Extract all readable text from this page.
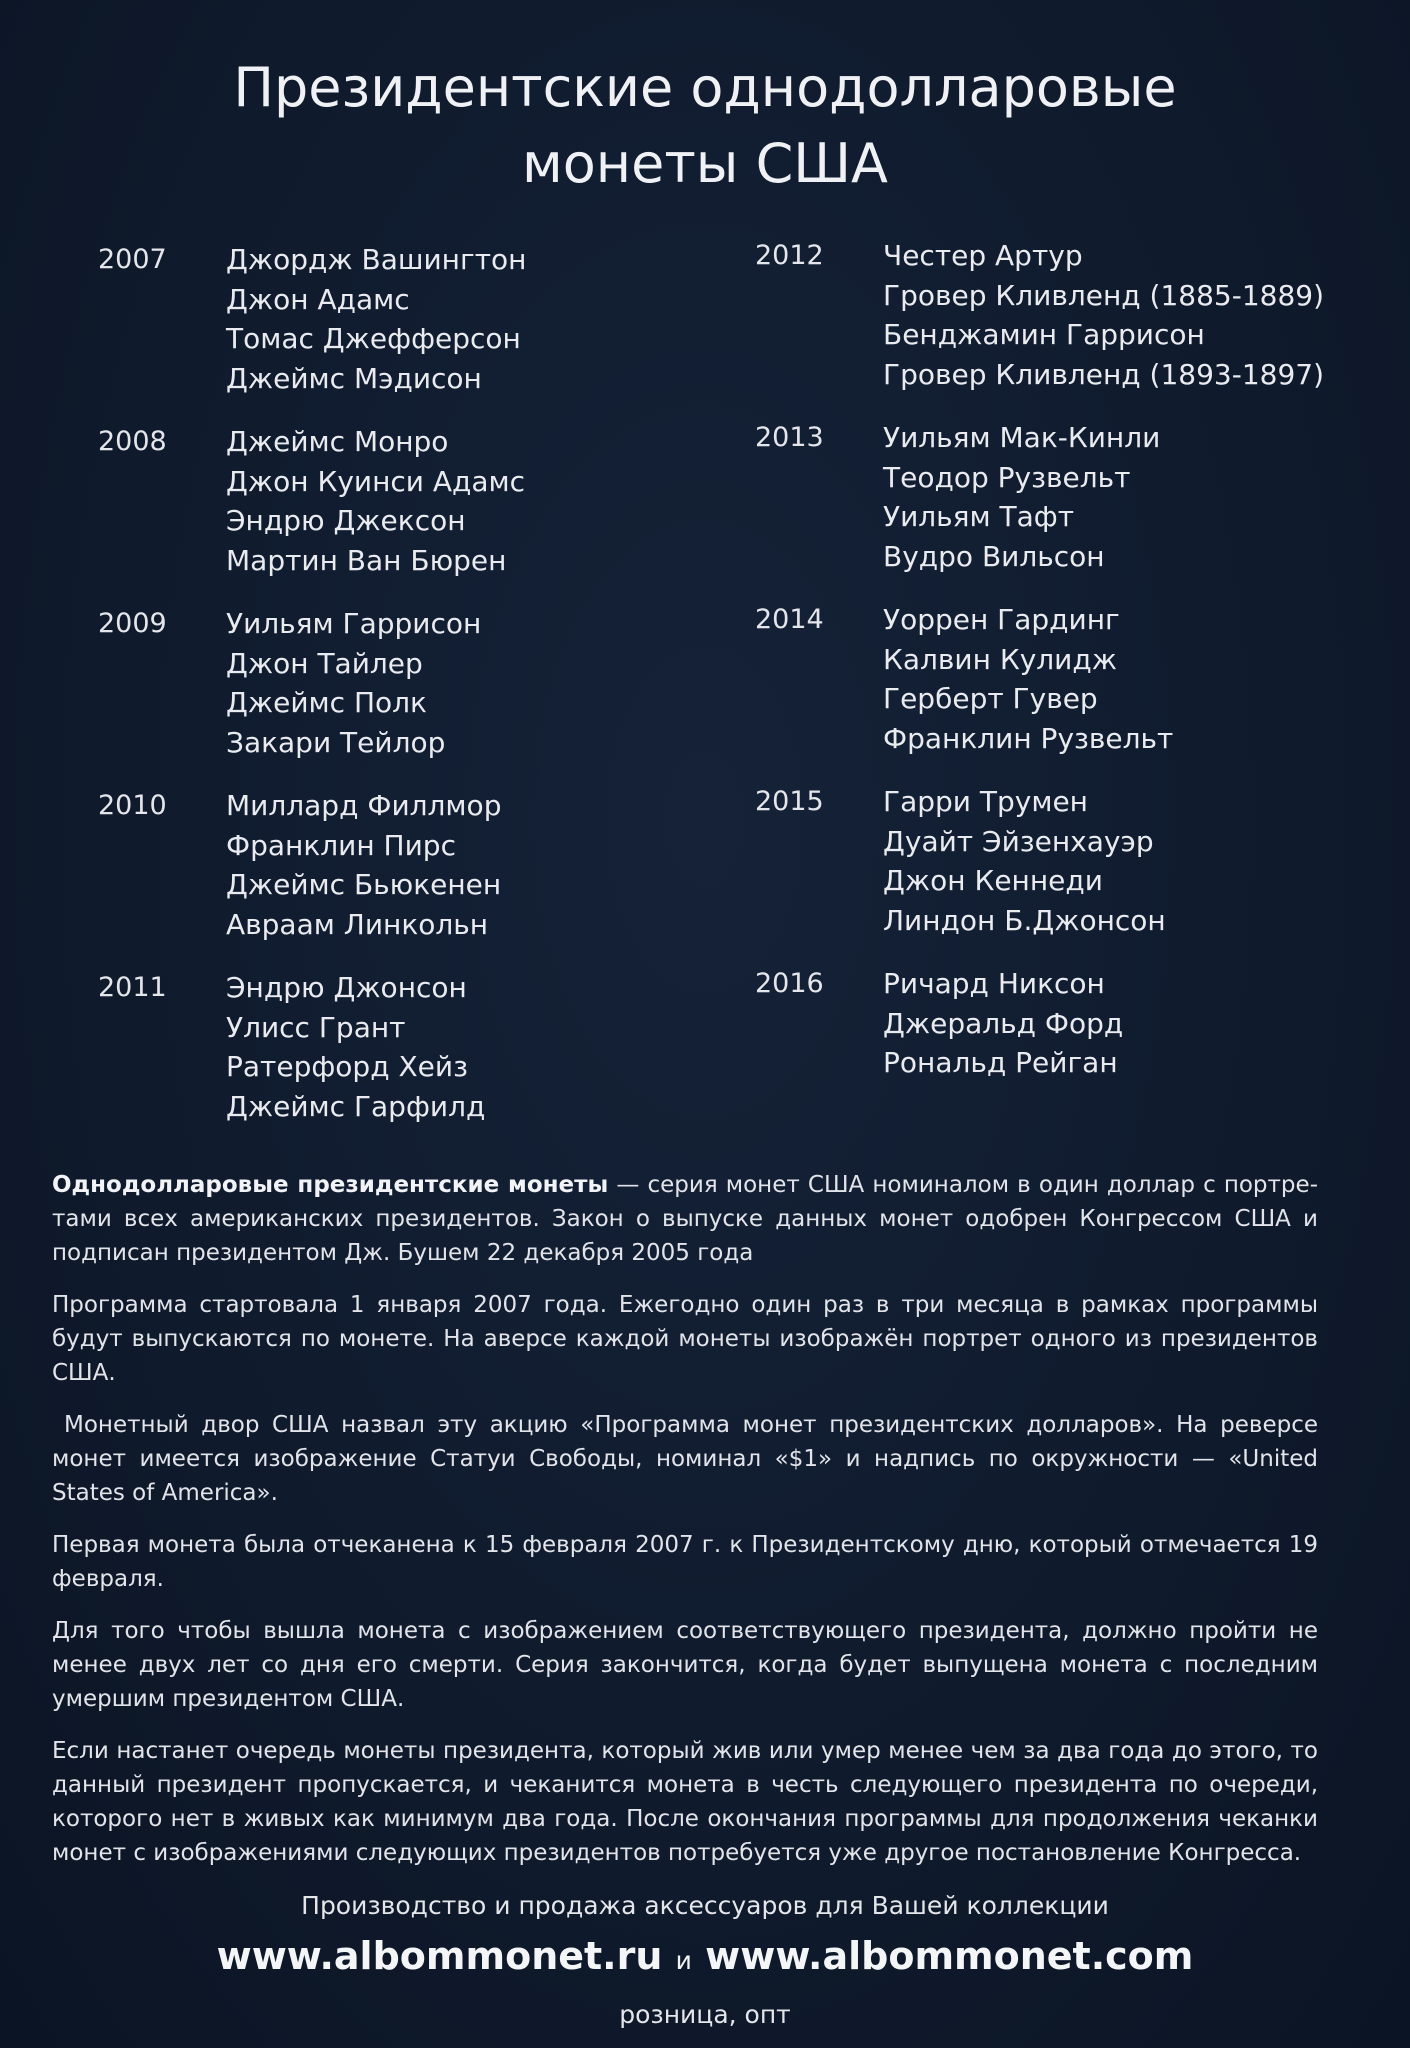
Президентские однодолларовые
монеты США
2007	Джордж Вашингтон
Джон Адамс
Томас Джефферсон
Джеймс Мэдисон
2008	Джеймс Монро
Джон Куинси Адамс
Эндрю Джексон
Мартин Ван Бюрен
2009	Уильям Гаррисон
Джон Тайлер
Джеймс Полк
Закари Тейлор
2010	Миллард Филлмор
Франклин Пирс
Джеймс Бьюкенен
Авраам Линкольн
2011	Эндрю Джонсон
Улисс Грант
Ратерфорд Хейз
Джеймс Гарфилд
2012	Честер Артур
Гровер Кливленд (1885-1889)
Бенджамин Гаррисон
Гровер Кливленд (1893-1897)
2013	Уильям Мак-Кинли
Теодор Рузвельт
Уильям Тафт
Вудро Вильсон
2014	Уоррен Гардинг
Калвин Кулидж
Герберт Гувер
Франклин Рузвельт
2015	Гарри Трумен
Дуайт Эйзенхауэр
Джон Кеннеди
Линдон Б.Джонсон
2016	Ричард Никсон
Джеральд Форд
Рональд Рейган

Однодолларовые президентские монеты — серия монет США номиналом в один доллар с портретами всех американских президентов. Закон о выпуске данных монет одобрен Конгрессом США и подписан президентом Дж. Бушем 22 декабря 2005 года

Программа стартовала 1 января 2007 года. Ежегодно один раз в три месяца в рамках программы будут выпускаются по монете. На аверсе каждой монеты изображён портрет одного из президентов США.

Монетный двор США назвал эту акцию «Программа монет президентских долларов». На реверсе монет имеется изображение Статуи Свободы, номинал «$1» и надпись по окружности — «United States of America».

Первая монета была отчеканена к 15 февраля 2007 г. к Президентскому дню, который отмечается 19 февраля.

Для того чтобы вышла монета с изображением соответствующего президента, должно пройти не менее двух лет со дня его смерти. Серия закончится, когда будет выпущена монета с последним умершим президентом США.

Если настанет очередь монеты президента, который жив или умер менее чем за два года до этого, то данный президент пропускается, и чеканится монета в честь следующего президента по очереди, которого нет в живых как минимум два года. После окончания программы для продолжения чеканки монет с изображениями следующих президентов потребуется уже другое постановление Конгресса.

Производство и продажа аксессуаров для Вашей коллекции
www.albommonet.ru и www.albommonet.com
розница, опт
